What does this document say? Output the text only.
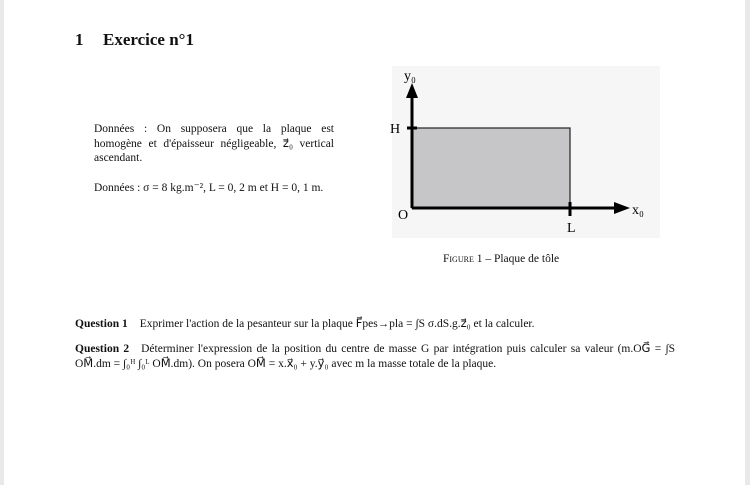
1 Exercice n°1
Données : On supposera que la plaque est homogène et d'épaisseur négligeable, z⃗₀ vertical ascendant.
Données : σ = 8 kg.m⁻², L = 0, 2 m et H = 0, 1 m.
y₀
x₀
H
O
L
Figure 1 – Plaque de tôle
Question 1 Exprimer l'action de la pesanteur sur la plaque F⃗pes→pla = ∫S σ.dS.g.z⃗₀ et la calculer.
Question 2 Déterminer l'expression de la position du centre de masse G par intégration puis calculer sa valeur (m.OG⃗ = ∫S OM⃗.dm = ∫₀ᴴ ∫₀ᴸ OM⃗.dm). On posera OM⃗ = x.x⃗₀ + y.y⃗₀ avec m la masse totale de la plaque.
